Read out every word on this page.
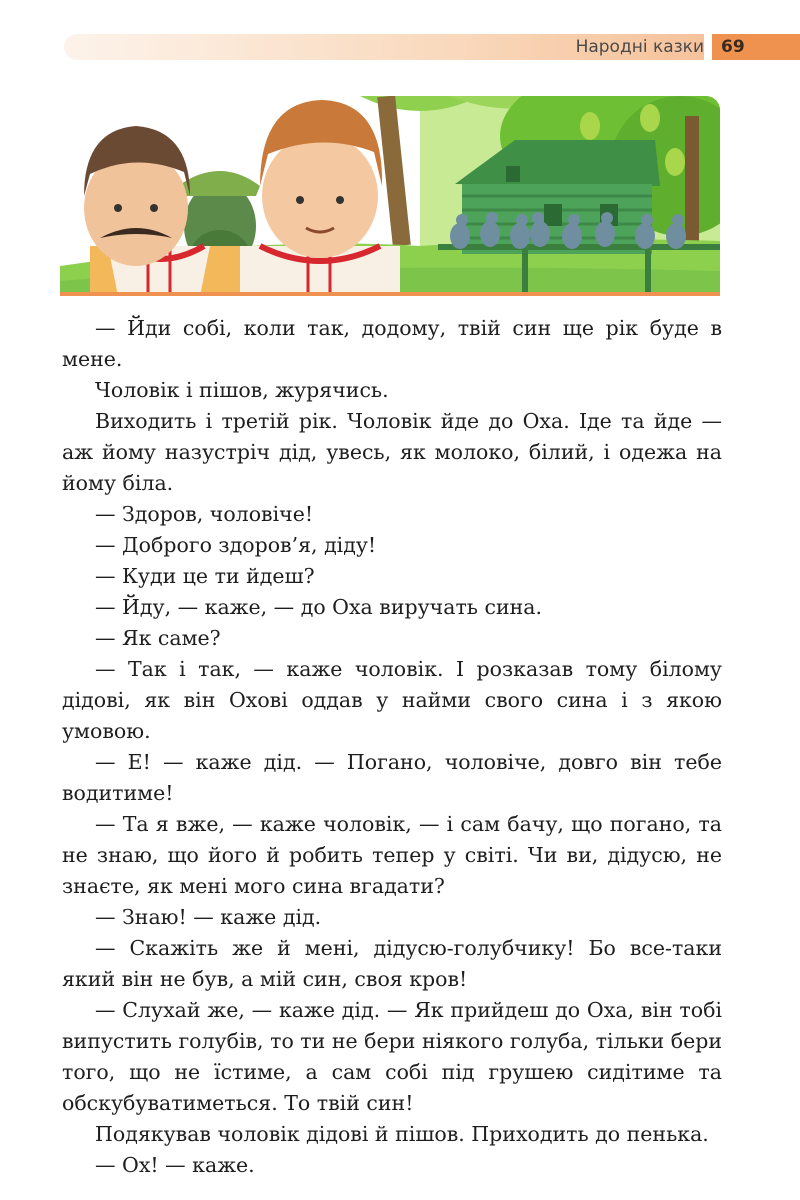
Народні казки	69

— Йди собі, коли так, додому, твій син ще рік буде в мене.

Чоловік і пішов, журячись.

Виходить і третій рік. Чоловік йде до Оха. Іде та йде — аж йому назустріч дід, увесь, як молоко, білий, і одежа на йому біла.

— Здоров, чоловіче!

— Доброго здоров’я, діду!

— Куди це ти йдеш?

— Йду, — каже, — до Оха виручать сина.

— Як саме?

— Так і так, — каже чоловік. І розказав тому білому дідові, як він Охові оддав у найми свого сина і з якою умовою.

— Е! — каже дід. — Погано, чоловіче, довго він тебе водитиме!

— Та я вже, — каже чоловік, — і сам бачу, що погано, та не знаю, що його й робить тепер у світі. Чи ви, дідусю, не знаєте, як мені мого сина вгадати?

— Знаю! — каже дід.

— Скажіть же й мені, дідусю-голубчику! Бо все-таки який він не був, а мій син, своя кров!

— Слухай же, — каже дід. — Як прийдеш до Оха, він тобі випустить голубів, то ти не бери ніякого голуба, тільки бери того, що не їстиме, а сам собі під грушею сидітиме та обскубуватиметься. То твій син!

Подякував чоловік дідові й пішов. Приходить до пенька.

— Ох! — каже.
